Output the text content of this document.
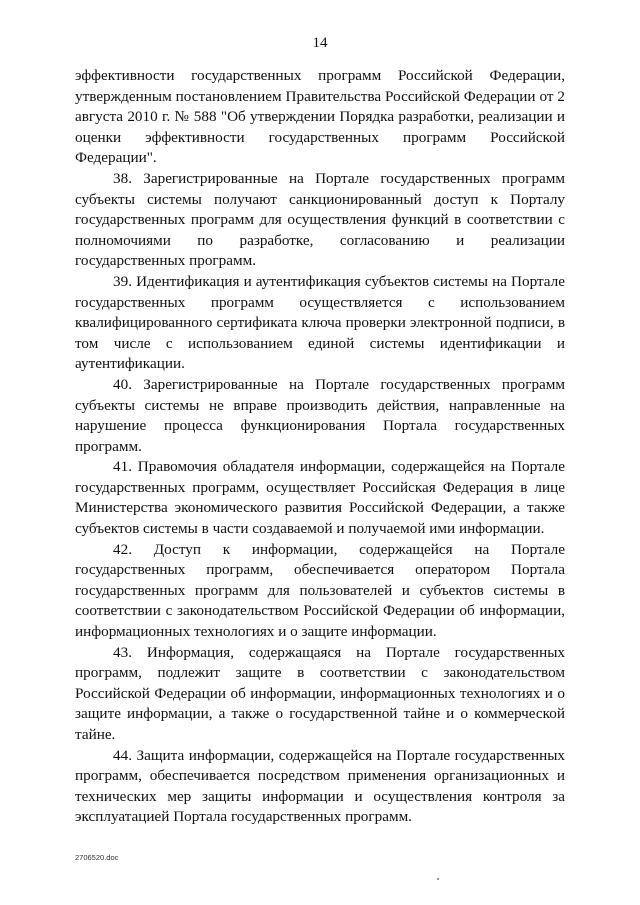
14

эффективности государственных программ Российской Федерации, утвержденным постановлением Правительства Российской Федерации от 2 августа 2010 г. № 588 "Об утверждении Порядка разработки, реализации и оценки эффективности государственных программ Российской Федерации".

38. Зарегистрированные на Портале государственных программ субъекты системы получают санкционированный доступ к Порталу государственных программ для осуществления функций в соответствии с полномочиями по разработке, согласованию и реализации государственных программ.

39. Идентификация и аутентификация субъектов системы на Портале государственных программ осуществляется с использованием квалифицированного сертификата ключа проверки электронной подписи, в том числе с использованием единой системы идентификации и аутентификации.

40. Зарегистрированные на Портале государственных программ субъекты системы не вправе производить действия, направленные на нарушение процесса функционирования Портала государственных программ.

41. Правомочия обладателя информации, содержащейся на Портале государственных программ, осуществляет Российская Федерация в лице Министерства экономического развития Российской Федерации, а также субъектов системы в части создаваемой и получаемой ими информации.

42. Доступ к информации, содержащейся на Портале государственных программ, обеспечивается оператором Портала государственных программ для пользователей и субъектов системы в соответствии с законодательством Российской Федерации об информации, информационных технологиях и о защите информации.

43. Информация, содержащаяся на Портале государственных программ, подлежит защите в соответствии с законодательством Российской Федерации об информации, информационных технологиях и о защите информации, а также о государственной тайне и о коммерческой тайне.

44. Защита информации, содержащейся на Портале государственных программ, обеспечивается посредством применения организационных и технических мер защиты информации и осуществления контроля за эксплуатацией Портала государственных программ.

2706520.doc
